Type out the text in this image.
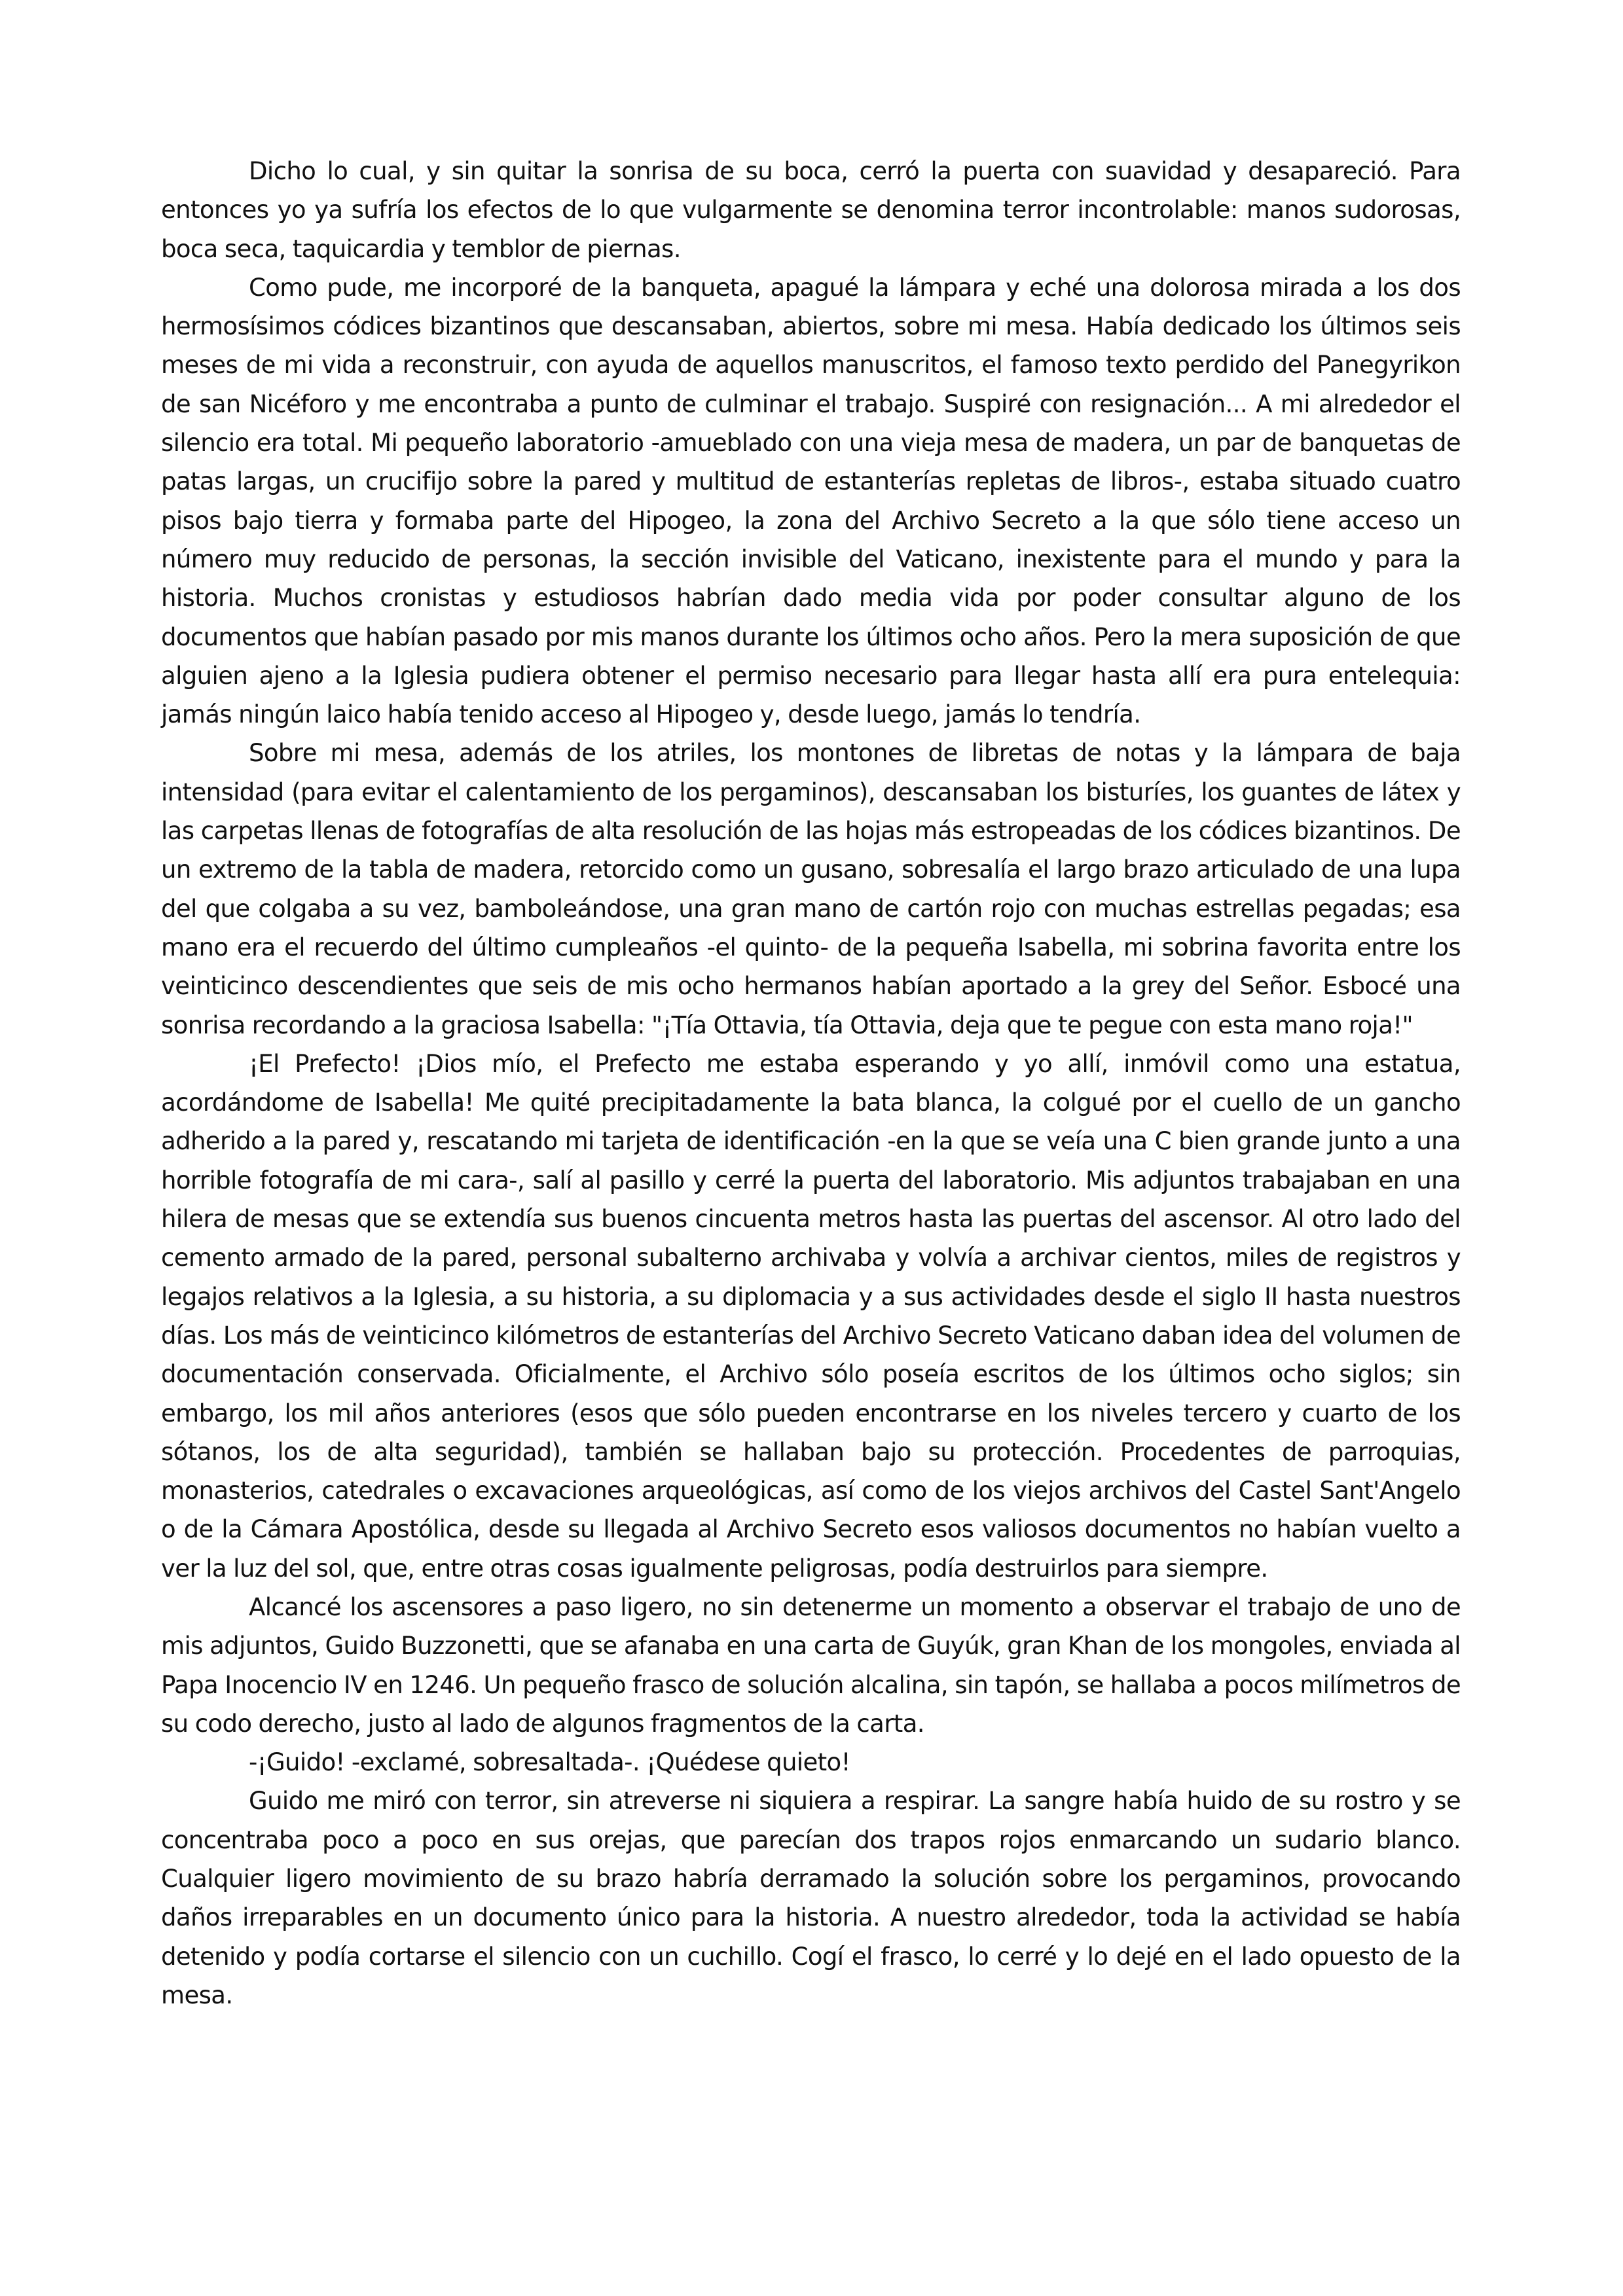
Dicho lo cual, y sin quitar la sonrisa de su boca, cerró la puerta con suavidad y desapareció. Para entonces yo ya sufría los efectos de lo que vulgarmente se denomina terror incontrolable: manos sudorosas, boca seca, taquicardia y temblor de piernas.

Como pude, me incorporé de la banqueta, apagué la lámpara y eché una dolorosa mirada a los dos hermosísimos códices bizantinos que descansaban, abiertos, sobre mi mesa. Había dedicado los últimos seis meses de mi vida a reconstruir, con ayuda de aquellos manuscritos, el famoso texto perdido del Panegyrikon de san Nicéforo y me encontraba a punto de culminar el trabajo. Suspiré con resignación... A mi alrededor el silencio era total. Mi pequeño laboratorio -amueblado con una vieja mesa de madera, un par de banquetas de patas largas, un crucifijo sobre la pared y multitud de estanterías repletas de libros-, estaba situado cuatro pisos bajo tierra y formaba parte del Hipogeo, la zona del Archivo Secreto a la que sólo tiene acceso un número muy reducido de personas, la sección invisible del Vaticano, inexistente para el mundo y para la historia. Muchos cronistas y estudiosos habrían dado media vida por poder consultar alguno de los documentos que habían pasado por mis manos durante los últimos ocho años. Pero la mera suposición de que alguien ajeno a la Iglesia pudiera obtener el permiso necesario para llegar hasta allí era pura entelequia: jamás ningún laico había tenido acceso al Hipogeo y, desde luego, jamás lo tendría.

Sobre mi mesa, además de los atriles, los montones de libretas de notas y la lámpara de baja intensidad (para evitar el calentamiento de los pergaminos), descansaban los bisturíes, los guantes de látex y las carpetas llenas de fotografías de alta resolución de las hojas más estropeadas de los códices bizantinos. De un extremo de la tabla de madera, retorcido como un gusano, sobresalía el largo brazo articulado de una lupa del que colgaba a su vez, bamboleándose, una gran mano de cartón rojo con muchas estrellas pegadas; esa mano era el recuerdo del último cumpleaños -el quinto- de la pequeña Isabella, mi sobrina favorita entre los veinticinco descendientes que seis de mis ocho hermanos habían aportado a la grey del Señor. Esbocé una sonrisa recordando a la graciosa Isabella: "¡Tía Ottavia, tía Ottavia, deja que te pegue con esta mano roja!"

¡El Prefecto! ¡Dios mío, el Prefecto me estaba esperando y yo allí, inmóvil como una estatua, acordándome de Isabella! Me quité precipitadamente la bata blanca, la colgué por el cuello de un gancho adherido a la pared y, rescatando mi tarjeta de identificación -en la que se veía una C bien grande junto a una horrible fotografía de mi cara-, salí al pasillo y cerré la puerta del laboratorio. Mis adjuntos trabajaban en una hilera de mesas que se extendía sus buenos cincuenta metros hasta las puertas del ascensor. Al otro lado del cemento armado de la pared, personal subalterno archivaba y volvía a archivar cientos, miles de registros y legajos relativos a la Iglesia, a su historia, a su diplomacia y a sus actividades desde el siglo II hasta nuestros días. Los más de veinticinco kilómetros de estanterías del Archivo Secreto Vaticano daban idea del volumen de documentación conservada. Oficialmente, el Archivo sólo poseía escritos de los últimos ocho siglos; sin embargo, los mil años anteriores (esos que sólo pueden encontrarse en los niveles tercero y cuarto de los sótanos, los de alta seguridad), también se hallaban bajo su protección. Procedentes de parroquias, monasterios, catedrales o excavaciones arqueológicas, así como de los viejos archivos del Castel Sant'Angelo o de la Cámara Apostólica, desde su llegada al Archivo Secreto esos valiosos documentos no habían vuelto a ver la luz del sol, que, entre otras cosas igualmente peligrosas, podía destruirlos para siempre.

Alcancé los ascensores a paso ligero, no sin detenerme un momento a observar el trabajo de uno de mis adjuntos, Guido Buzzonetti, que se afanaba en una carta de Guyúk, gran Khan de los mongoles, enviada al Papa Inocencio IV en 1246. Un pequeño frasco de solución alcalina, sin tapón, se hallaba a pocos milímetros de su codo derecho, justo al lado de algunos fragmentos de la carta.

-¡Guido! -exclamé, sobresaltada-. ¡Quédese quieto!

Guido me miró con terror, sin atreverse ni siquiera a respirar. La sangre había huido de su rostro y se concentraba poco a poco en sus orejas, que parecían dos trapos rojos enmarcando un sudario blanco. Cualquier ligero movimiento de su brazo habría derramado la solución sobre los pergaminos, provocando daños irreparables en un documento único para la historia. A nuestro alrededor, toda la actividad se había detenido y podía cortarse el silencio con un cuchillo. Cogí el frasco, lo cerré y lo dejé en el lado opuesto de la mesa.
